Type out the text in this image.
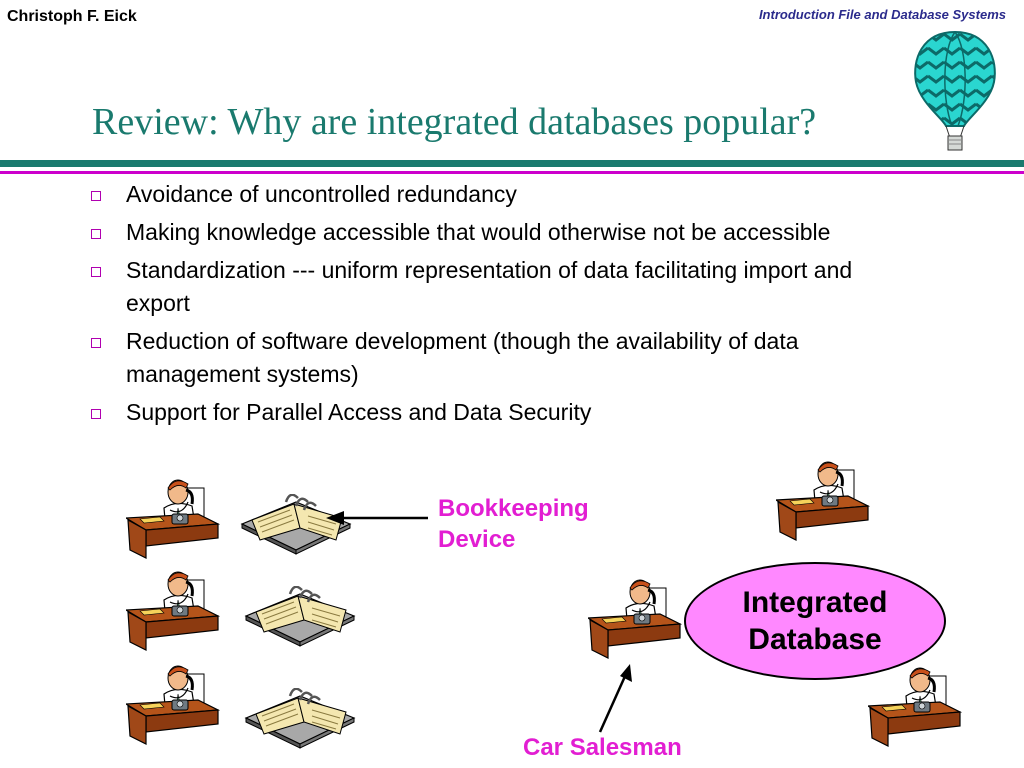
Christoph F. Eick	Introduction File and Database Systems
Review: Why are integrated databases popular?
Avoidance of uncontrolled redundancy
Making knowledge accessible that would otherwise not be accessible
Standardization --- uniform representation of data facilitating import and export
Reduction of software development (though the availability of data management systems)
Support for Parallel Access and Data Security
Bookkeeping
Device
Integrated
Database
Car Salesman
